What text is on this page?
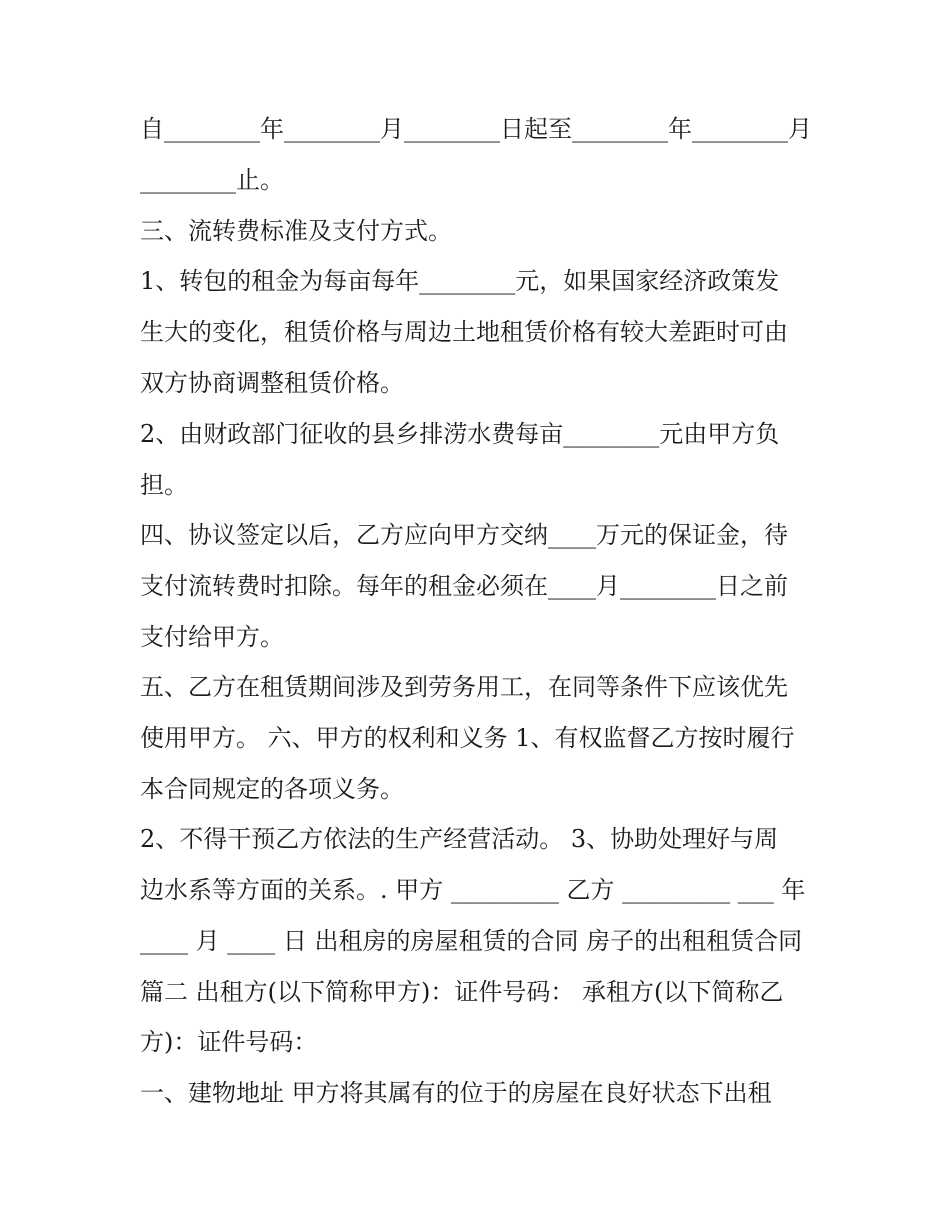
自________年________月________日起至________年________月
________止。
三、流转费标准及支付方式。
1、转包的租金为每亩每年________元，如果国家经济政策发
生大的变化，租赁价格与周边土地租赁价格有较大差距时可由
双方协商调整租赁价格。
2、由财政部门征收的县乡排涝水费每亩________元由甲方负
担。
四、协议签定以后，乙方应向甲方交纳____万元的保证金，待
支付流转费时扣除。每年的租金必须在____月________日之前
支付给甲方。
五、乙方在租赁期间涉及到劳务用工，在同等条件下应该优先
使用甲方。 六、甲方的权利和义务 1、有权监督乙方按时履行
本合同规定的各项义务。
2、不得干预乙方依法的生产经营活动。 3、协助处理好与周
边水系等方面的关系。. 甲方 _________ 乙方 _________ ___ 年
____ 月 ____ 日 出租房的房屋租赁的合同 房子的出租租赁合同
篇二 出租方(以下简称甲方)：证件号码： 承租方(以下简称乙
方)：证件号码：
一、建物地址 甲方将其属有的位于的房屋在良好状态下出租
